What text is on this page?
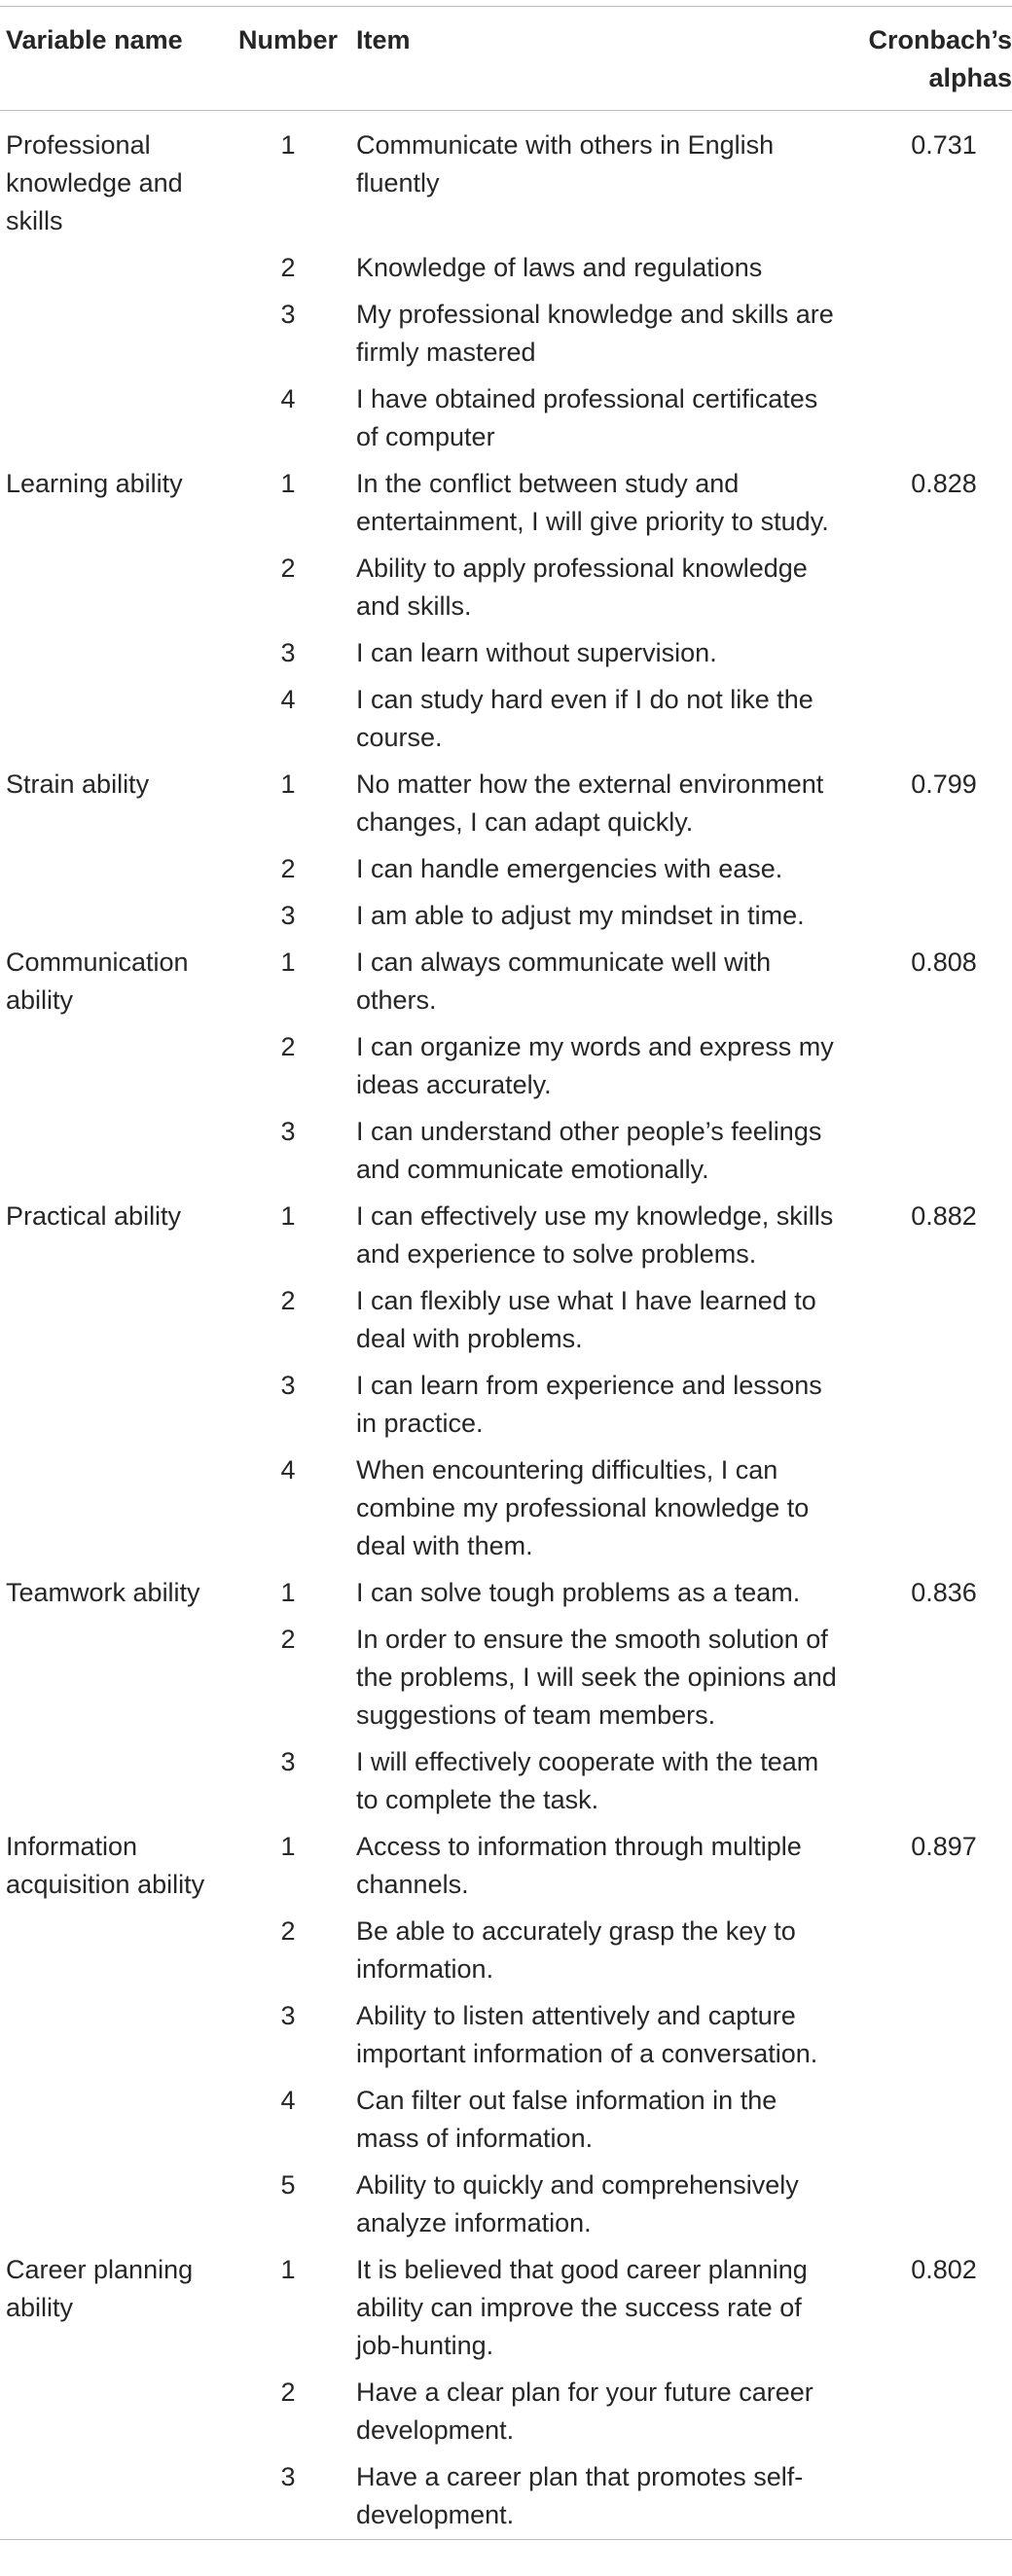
Variable name	Number	Item	Cronbach’s alphas
Professional knowledge and skills	1	Communicate with others in English fluently	0.731
	2	Knowledge of laws and regulations	
	3	My professional knowledge and skills are firmly mastered	
	4	I have obtained professional certificates of computer	
Learning ability	1	In the conflict between study and entertainment, I will give priority to study.	0.828
	2	Ability to apply professional knowledge and skills.	
	3	I can learn without supervision.	
	4	I can study hard even if I do not like the course.	
Strain ability	1	No matter how the external environment changes, I can adapt quickly.	0.799
	2	I can handle emergencies with ease.	
	3	I am able to adjust my mindset in time.	
Communication ability	1	I can always communicate well with others.	0.808
	2	I can organize my words and express my ideas accurately.	
	3	I can understand other people’s feelings and communicate emotionally.	
Practical ability	1	I can effectively use my knowledge, skills and experience to solve problems.	0.882
	2	I can flexibly use what I have learned to deal with problems.	
	3	I can learn from experience and lessons in practice.	
	4	When encountering difficulties, I can combine my professional knowledge to deal with them.	
Teamwork ability	1	I can solve tough problems as a team.	0.836
	2	In order to ensure the smooth solution of the problems, I will seek the opinions and suggestions of team members.	
	3	I will effectively cooperate with the team to complete the task.	
Information acquisition ability	1	Access to information through multiple channels.	0.897
	2	Be able to accurately grasp the key to information.	
	3	Ability to listen attentively and capture important information of a conversation.	
	4	Can filter out false information in the mass of information.	
	5	Ability to quickly and comprehensively analyze information.	
Career planning ability	1	It is believed that good career planning ability can improve the success rate of job-hunting.	0.802
	2	Have a clear plan for your future career development.	
	3	Have a career plan that promotes self-development.	
